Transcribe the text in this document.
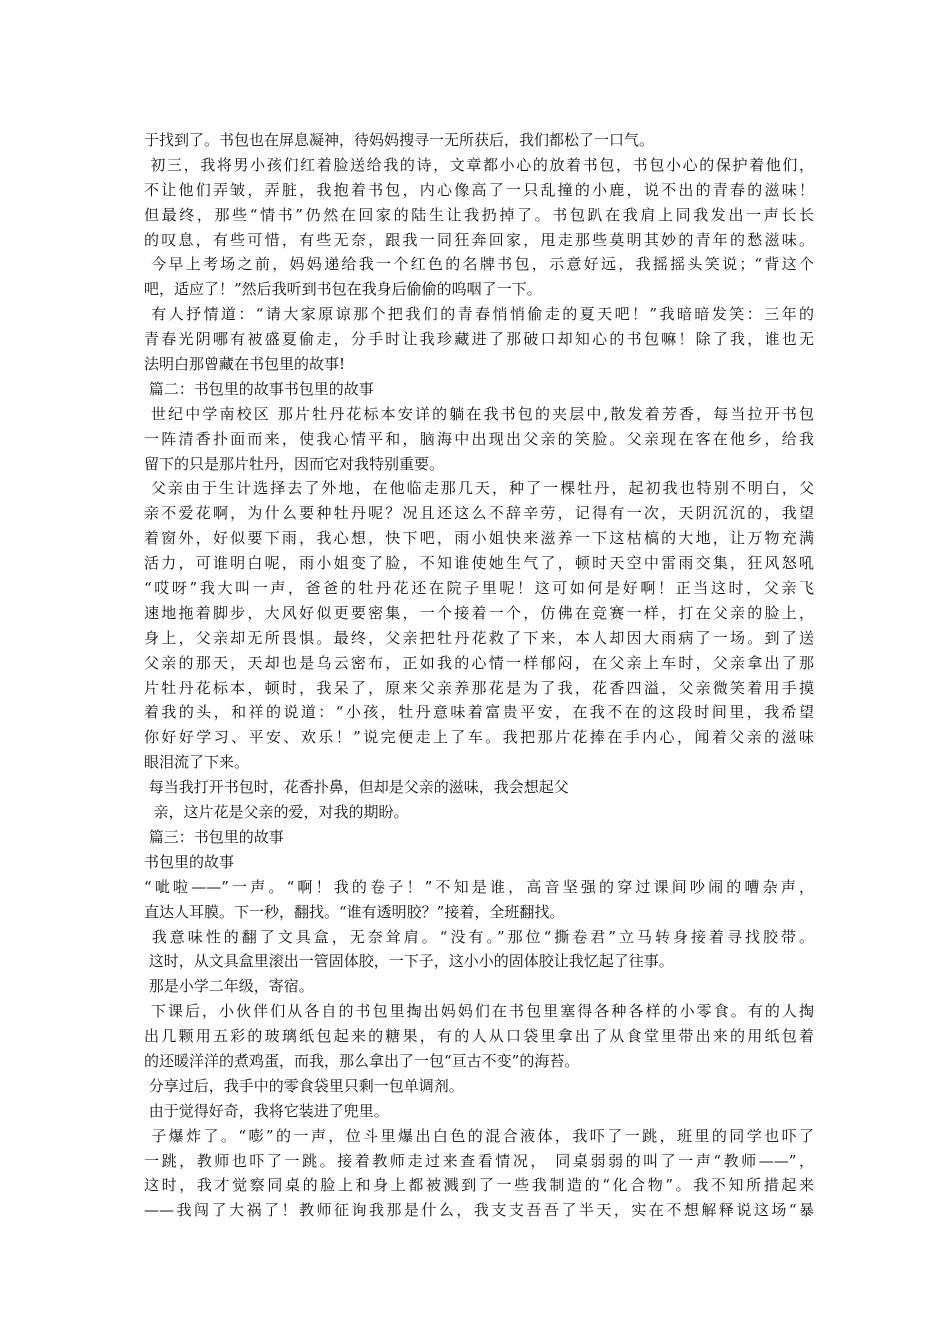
于找到了。书包也在屏息凝神，待妈妈搜寻一无所获后，我们都松了一口气。
初三，我将男小孩们红着脸送给我的诗，文章都小心的放着书包，书包小心的保护着他们，
不让他们弄皱，弄脏，我抱着书包，内心像高了一只乱撞的小鹿，说不出的青春的滋味！
但最终，那些“情书”仍然在回家的陆生让我扔掉了。书包趴在我肩上同我发出一声长长
的叹息，有些可惜，有些无奈，跟我一同狂奔回家，甩走那些莫明其妙的青年的愁滋味。
今早上考场之前，妈妈递给我一个红色的名牌书包，示意好远，我摇摇头笑说；“背这个
吧，适应了！”然后我听到书包在我身后偷偷的呜咽了一下。
有人抒情道：“请大家原谅那个把我们的青春悄悄偷走的夏天吧！”我暗暗发笑：三年的
青春光阴哪有被盛夏偷走，分手时让我珍藏进了那破口却知心的书包嘛！除了我，谁也无
法明白那曾藏在书包里的故事!
篇二：书包里的故事书包里的故事
世纪中学南校区 那片牡丹花标本安详的躺在我书包的夹层中,散发着芳香，每当拉开书包
一阵清香扑面而来，使我心情平和，脑海中出现出父亲的笑脸。父亲现在客在他乡，给我
留下的只是那片牡丹，因而它对我特别重要。
父亲由于生计选择去了外地，在他临走那几天，种了一棵牡丹，起初我也特别不明白，父
亲不爱花啊，为什么要种牡丹呢？况且还这么不辞辛劳，记得有一次，天阴沉沉的，我望
着窗外，好似要下雨，我心想，快下吧，雨小姐快来滋养一下这枯槁的大地，让万物充满
活力，可谁明白呢，雨小姐变了脸，不知谁使她生气了，顿时天空中雷雨交集，狂风怒吼
“哎呀”我大叫一声，爸爸的牡丹花还在院子里呢！这可如何是好啊！正当这时，父亲飞
速地拖着脚步，大风好似更要密集，一个接着一个，仿佛在竞赛一样，打在父亲的脸上，
身上，父亲却无所畏惧。最终，父亲把牡丹花救了下来，本人却因大雨病了一场。到了送
父亲的那天，天却也是乌云密布，正如我的心情一样郁闷，在父亲上车时，父亲拿出了那
片牡丹花标本，顿时，我呆了，原来父亲养那花是为了我，花香四溢，父亲微笑着用手摸
着我的头，和祥的说道：“小孩，牡丹意味着富贵平安，在我不在的这段时间里，我希望
你好好学习、平安、欢乐！”说完便走上了车。我把那片花捧在手内心，闻着父亲的滋味
眼泪流了下来。
每当我打开书包时，花香扑鼻，但却是父亲的滋味，我会想起父
亲，这片花是父亲的爱，对我的期盼。
篇三：书包里的故事
书包里的故事
“呲啦——”一声。“啊！我的卷子！”不知是谁，高音坚强的穿过课间吵闹的嘈杂声，
直达人耳膜。下一秒，翻找。“谁有透明胶？”接着，全班翻找。
我意味性的翻了文具盒，无奈耸肩。“没有。”那位“撕卷君”立马转身接着寻找胶带。
这时，从文具盒里滚出一管固体胶，一下子，这小小的固体胶让我忆起了往事。
那是小学二年级，寄宿。
下课后，小伙伴们从各自的书包里掏出妈妈们在书包里塞得各种各样的小零食。有的人掏
出几颗用五彩的玻璃纸包起来的糖果，有的人从口袋里拿出了从食堂里带出来的用纸包着
的还暖洋洋的煮鸡蛋，而我，那么拿出了一包“亘古不变”的海苔。
分享过后，我手中的零食袋里只剩一包单调剂。
由于觉得好奇，我将它装进了兜里。
子爆炸了。“嘭”的一声，位斗里爆出白色的混合液体，我吓了一跳，班里的同学也吓了
一跳，教师也吓了一跳。接着教师走过来查看情况， 同桌弱弱的叫了一声“教师——”，
这时，我才觉察同桌的脸上和身上都被溅到了一些我制造的“化合物”。我不知所措起来
——我闯了大祸了！教师征询我那是什么，我支支吾吾了半天，实在不想解释说这场“暴
